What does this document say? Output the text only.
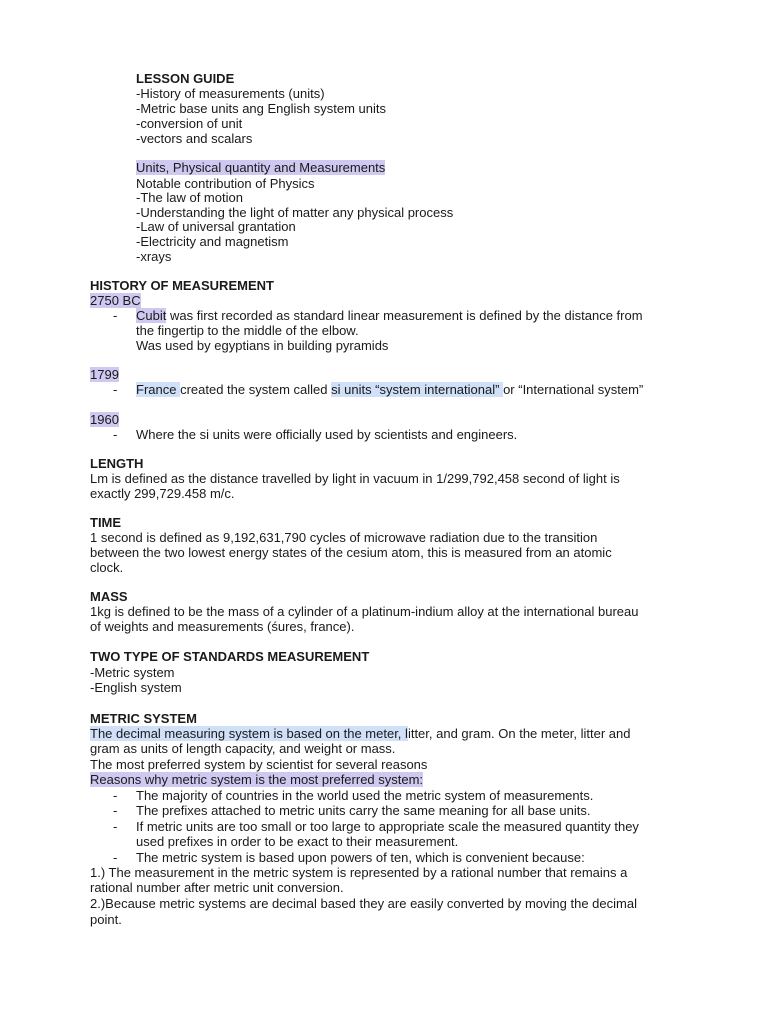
LESSON GUIDE
-History of measurements (units)
-Metric base units ang English system units
-conversion of unit
-vectors and scalars
Units, Physical quantity and Measurements
Notable contribution of Physics
-The law of motion
-Understanding the light of matter any physical process
-Law of universal grantation
-Electricity and magnetism
-xrays
HISTORY OF MEASUREMENT
2750 BC
- Cubit was first recorded as standard linear measurement is defined by the distance from
the fingertip to the middle of the elbow.
Was used by egyptians in building pyramids
1799
- France created the system called si units “system international” or “International system”
1960
- Where the si units were officially used by scientists and engineers.
LENGTH
Lm is defined as the distance travelled by light in vacuum in 1/299,792,458 second of light is
exactly 299,729.458 m/c.
TIME
1 second is defined as 9,192,631,790 cycles of microwave radiation due to the transition
between the two lowest energy states of the cesium atom, this is measured from an atomic
clock.
MASS
1kg is defined to be the mass of a cylinder of a platinum-indium alloy at the international bureau
of weights and measurements (śures, france).
TWO TYPE OF STANDARDS MEASUREMENT
-Metric system
-English system
METRIC SYSTEM
The decimal measuring system is based on the meter, litter, and gram. On the meter, litter and
gram as units of length capacity, and weight or mass.
The most preferred system by scientist for several reasons
Reasons why metric system is the most preferred system:
- The majority of countries in the world used the metric system of measurements.
- The prefixes attached to metric units carry the same meaning for all base units.
- If metric units are too small or too large to appropriate scale the measured quantity they
used prefixes in order to be exact to their measurement.
- The metric system is based upon powers of ten, which is convenient because:
1.) The measurement in the metric system is represented by a rational number that remains a
rational number after metric unit conversion.
2.)Because metric systems are decimal based they are easily converted by moving the decimal
point.
